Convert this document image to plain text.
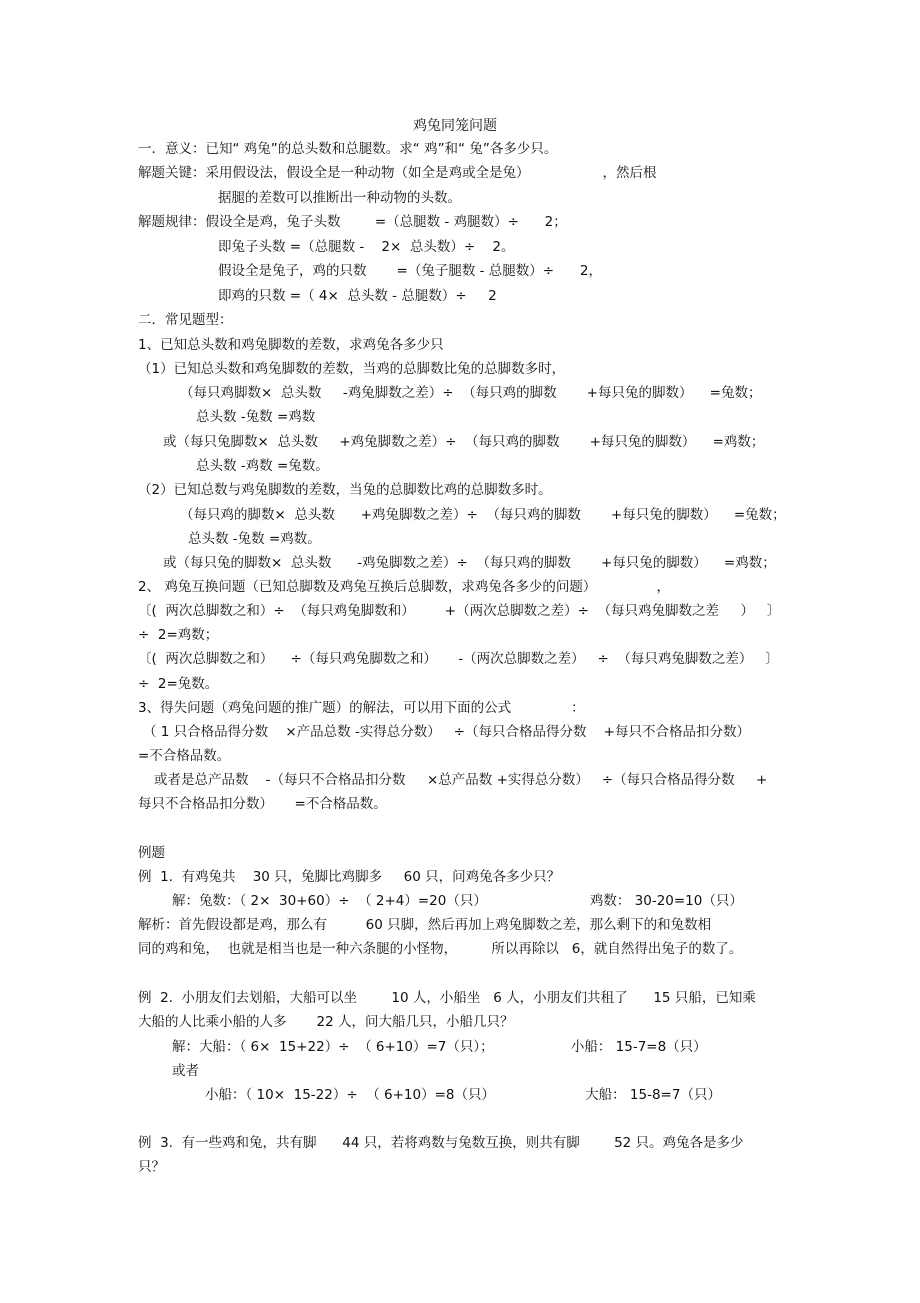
鸡兔同笼问题
一．意义：已知“ 鸡兔”的总头数和总腿数。求“ 鸡”和“ 兔”各多少只。
解题关键：采用假设法，假设全是一种动物（如全是鸡或全是兔）                 ，然后根
据腿的差数可以推断出一种动物的头数。
解题规律：假设全是鸡，兔子头数        =（总腿数 - 鸡腿数）÷      2；
即兔子头数 =（总腿数 -    2×  总头数）÷    2。
假设全是兔子，鸡的只数       =（兔子腿数 - 总腿数）÷      2，
即鸡的只数 =（ 4×  总头数 - 总腿数）÷     2
二．常见题型：
1、已知总头数和鸡兔脚数的差数，求鸡兔各多少只
（1）已知总头数和鸡兔脚数的差数，当鸡的总脚数比兔的总脚数多时，
（每只鸡脚数×  总头数     -鸡兔脚数之差）÷  （每只鸡的脚数       +每只兔的脚数）    =兔数；
总头数 -兔数 =鸡数
或（每只兔脚数×  总头数     +鸡兔脚数之差）÷  （每只鸡的脚数       +每只兔的脚数）    =鸡数；
总头数 -鸡数 =兔数。
（2）已知总数与鸡兔脚数的差数，当兔的总脚数比鸡的总脚数多时。
（每只鸡的脚数×  总头数      +鸡兔脚数之差）÷  （每只鸡的脚数       +每只兔的脚数）    =兔数；
总头数 -兔数 =鸡数。
或（每只兔的脚数×  总头数      -鸡兔脚数之差）÷  （每只鸡的脚数       +每只兔的脚数）    =鸡数；
2、 鸡兔互换问题（已知总脚数及鸡兔互换后总脚数，求鸡兔各多少的问题）              ，
〔(  两次总脚数之和）÷  （每只鸡兔脚数和）       +（两次总脚数之差）÷  （每只鸡兔脚数之差     ）   〕
÷  2=鸡数；
〔(  两次总脚数之和）    ÷（每只鸡兔脚数之和）     -（两次总脚数之差）   ÷  （每只鸡兔脚数之差）   〕
÷  2=兔数。
3、得失问题（鸡兔问题的推广题）的解法，可以用下面的公式              ：
（ 1 只合格品得分数    ×产品总数 -实得总分数）   ÷（每只合格品得分数    +每只不合格品扣分数）
=不合格品数。
或者是总产品数    -（每只不合格品扣分数     ×总产品数 +实得总分数）   ÷（每只合格品得分数     +
每只不合格品扣分数）     =不合格品数。
例题
例  1.  有鸡兔共    30 只，兔脚比鸡脚多     60 只，问鸡兔各多少只？
解：兔数：（ 2×  30+60）÷  （ 2+4）=20（只）                        鸡数： 30-20=10（只）
解析：首先假设都是鸡，那么有         60 只脚，然后再加上鸡兔脚数之差，那么剩下的和兔数相
同的鸡和兔，  也就是相当也是一种六条腿的小怪物，        所以再除以   6，就自然得出兔子的数了。
例  2.  小朋友们去划船，大船可以坐        10 人，小船坐   6 人，小朋友们共租了      15 只船，已知乘
大船的人比乘小船的人多       22 人，问大船几只，小船几只？
解：大船：（ 6×  15+22）÷  （ 6+10）=7（只）；                  小船： 15-7=8（只）
或者
小船：（ 10×  15-22）÷  （ 6+10）=8（只）                     大船： 15-8=7（只）
例  3.  有一些鸡和兔，共有脚      44 只，若将鸡数与兔数互换，则共有脚        52 只。鸡兔各是多少
只？
